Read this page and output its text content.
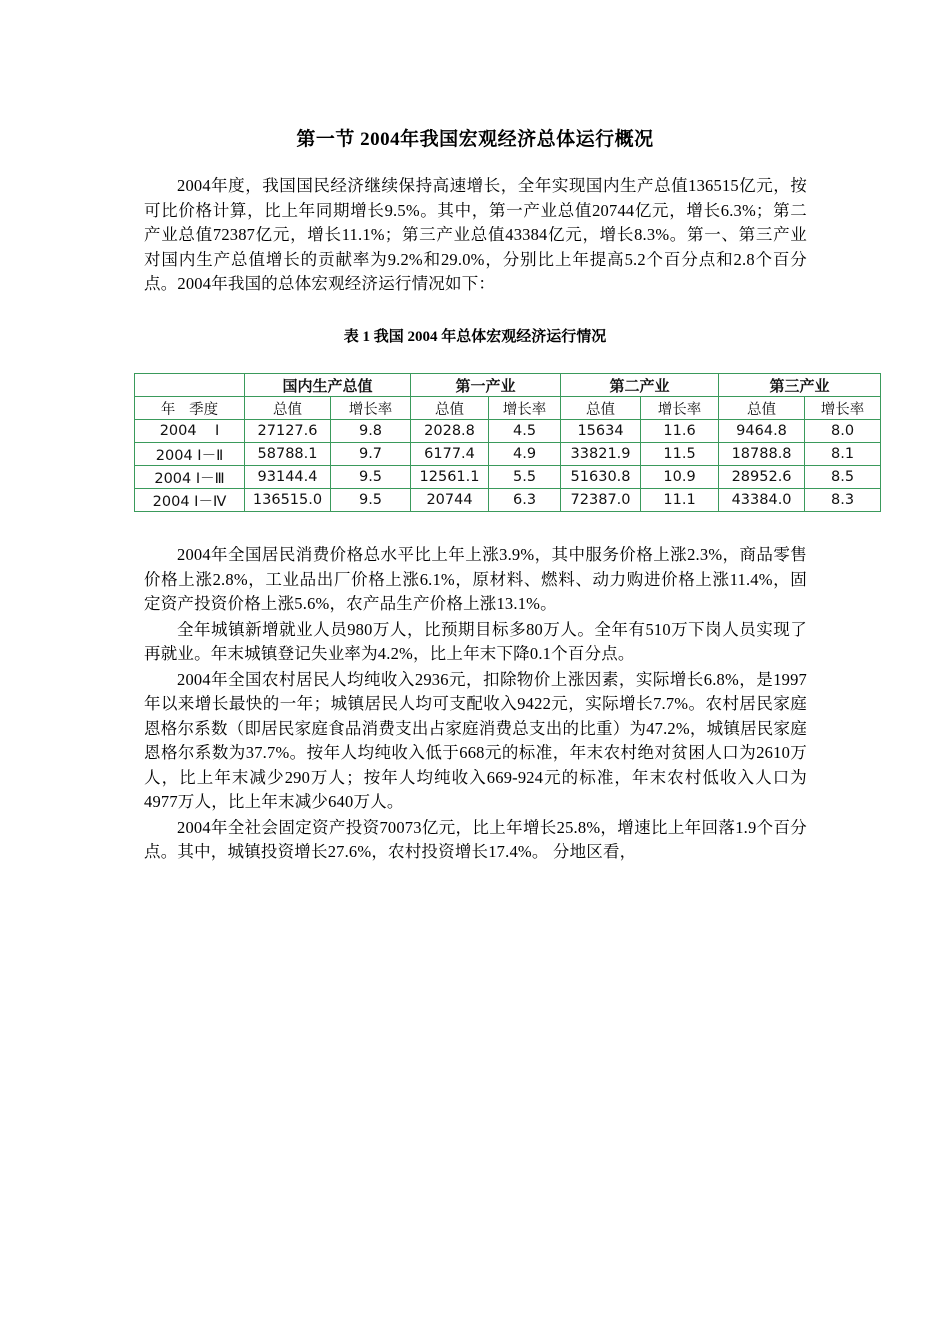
第一节 2004年我国宏观经济总体运行概况

2004年度，我国国民经济继续保持高速增长，全年实现国内生产总值136515亿元，按可比价格计算，比上年同期增长9.5%。其中，第一产业总值20744亿元，增长6.3%；第二产业总值72387亿元，增长11.1%；第三产业总值43384亿元，增长8.3%。第一、第三产业对国内生产总值增长的贡献率为9.2%和29.0%，分别比上年提高5.2个百分点和2.8个百分点。2004年我国的总体宏观经济运行情况如下：

表 1 我国 2004 年总体宏观经济运行情况
	国内生产总值		第一产业		第二产业		第三产业	
年   季度	总值	增长率	总值	增长率	总值	增长率	总值	增长率
2004    Ⅰ	27127.6	9.8	2028.8	4.5	15634	11.6	9464.8	8.0
2004 Ⅰ－Ⅱ	58788.1	9.7	6177.4	4.9	33821.9	11.5	18788.8	8.1
2004 Ⅰ－Ⅲ	93144.4	9.5	12561.1	5.5	51630.8	10.9	28952.6	8.5
2004 Ⅰ－Ⅳ	136515.0	9.5	20744	6.3	72387.0	11.1	43384.0	8.3

2004年全国居民消费价格总水平比上年上涨3.9%，其中服务价格上涨2.3%，商品零售价格上涨2.8%，工业品出厂价格上涨6.1%，原材料、燃料、动力购进价格上涨11.4%，固定资产投资价格上涨5.6%，农产品生产价格上涨13.1%。

全年城镇新增就业人员980万人，比预期目标多80万人。全年有510万下岗人员实现了再就业。年末城镇登记失业率为4.2%，比上年末下降0.1个百分点。

2004年全国农村居民人均纯收入2936元，扣除物价上涨因素，实际增长6.8%，是1997年以来增长最快的一年；城镇居民人均可支配收入9422元，实际增长7.7%。农村居民家庭恩格尔系数（即居民家庭食品消费支出占家庭消费总支出的比重）为47.2%，城镇居民家庭恩格尔系数为37.7%。按年人均纯收入低于668元的标准，年末农村绝对贫困人口为2610万人，比上年末减少290万人；按年人均纯收入669-924元的标准，年末农村低收入人口为4977万人，比上年末减少640万人。

2004年全社会固定资产投资70073亿元，比上年增长25.8%，增速比上年回落1.9个百分点。其中，城镇投资增长27.6%，农村投资增长17.4%。 分地区看，
